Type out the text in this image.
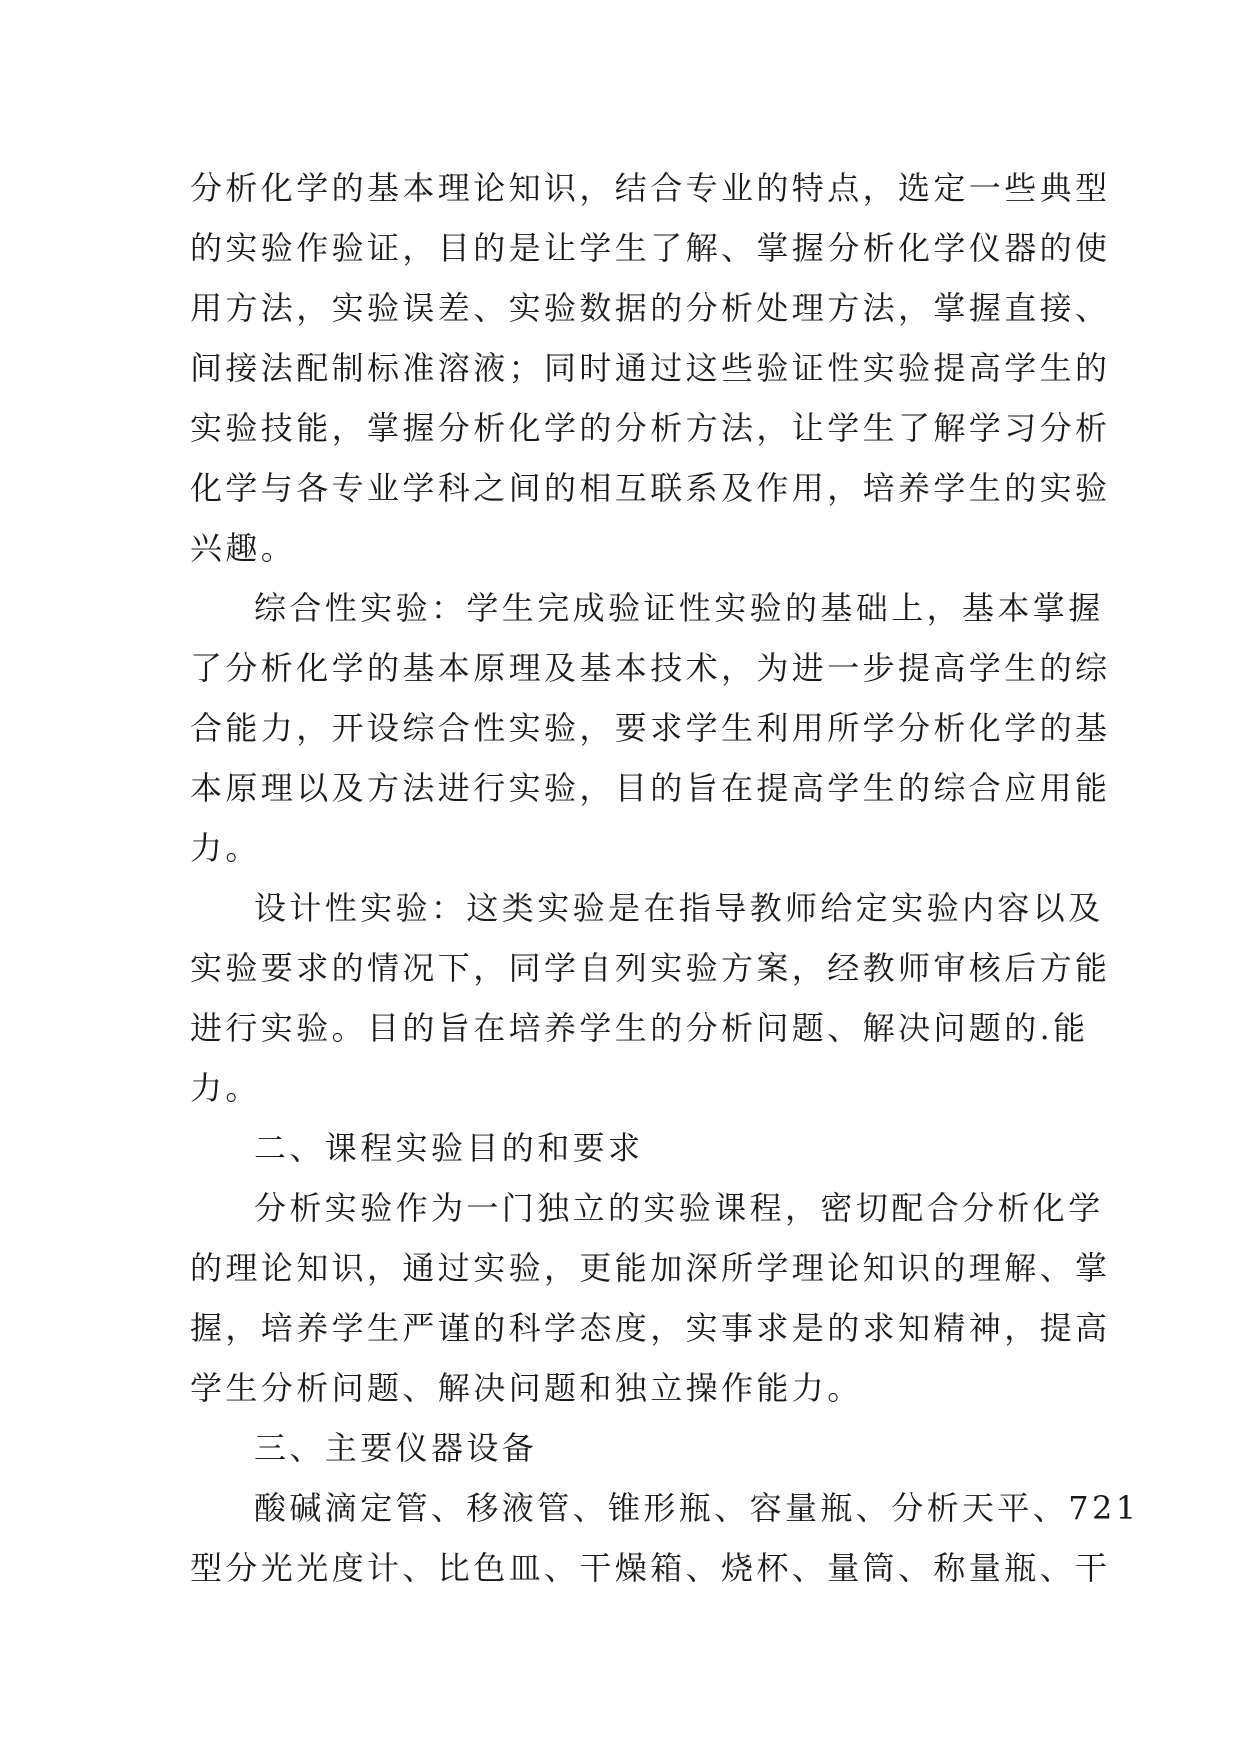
分析化学的基本理论知识，结合专业的特点，选定一些典型
的实验作验证，目的是让学生了解、掌握分析化学仪器的使
用方法，实验误差、实验数据的分析处理方法，掌握直接、
间接法配制标准溶液；同时通过这些验证性实验提高学生的
实验技能，掌握分析化学的分析方法，让学生了解学习分析
化学与各专业学科之间的相互联系及作用，培养学生的实验
兴趣。
综合性实验：学生完成验证性实验的基础上，基本掌握
了分析化学的基本原理及基本技术，为进一步提高学生的综
合能力，开设综合性实验，要求学生利用所学分析化学的基
本原理以及方法进行实验，目的旨在提高学生的综合应用能
力。
设计性实验：这类实验是在指导教师给定实验内容以及
实验要求的情况下，同学自列实验方案，经教师审核后方能
进行实验。目的旨在培养学生的分析问题、解决问题的.能
力。
二、课程实验目的和要求
分析实验作为一门独立的实验课程，密切配合分析化学
的理论知识，通过实验，更能加深所学理论知识的理解、掌
握，培养学生严谨的科学态度，实事求是的求知精神，提高
学生分析问题、解决问题和独立操作能力。
三、主要仪器设备
酸碱滴定管、移液管、锥形瓶、容量瓶、分析天平、721
型分光光度计、比色皿、干燥箱、烧杯、量筒、称量瓶、干
